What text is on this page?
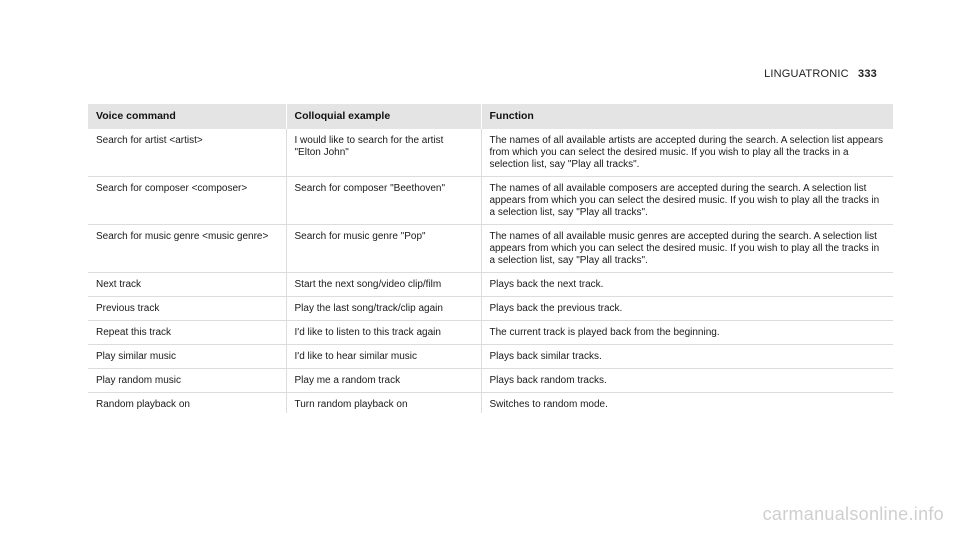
LINGUATRONIC 333
Voice command	Colloquial example	Function
Search for artist <artist>	I would like to search for the artist "Elton John"	The names of all available artists are accepted during the search. A selection list appears from which you can select the desired music. If you wish to play all the tracks in a selection list, say "Play all tracks".
Search for composer <composer>	Search for composer "Beethoven"	The names of all available composers are accepted during the search. A selection list appears from which you can select the desired music. If you wish to play all the tracks in a selection list, say "Play all tracks".
Search for music genre <music genre>	Search for music genre "Pop"	The names of all available music genres are accepted during the search. A selection list appears from which you can select the desired music. If you wish to play all the tracks in a selection list, say "Play all tracks".
Next track	Start the next song/video clip/film	Plays back the next track.
Previous track	Play the last song/track/clip again	Plays back the previous track.
Repeat this track	I'd like to listen to this track again	The current track is played back from the beginning.
Play similar music	I'd like to hear similar music	Plays back similar tracks.
Play random music	Play me a random track	Plays back random tracks.
Random playback on	Turn random playback on	Switches to random mode.
carmanualsonline.info
